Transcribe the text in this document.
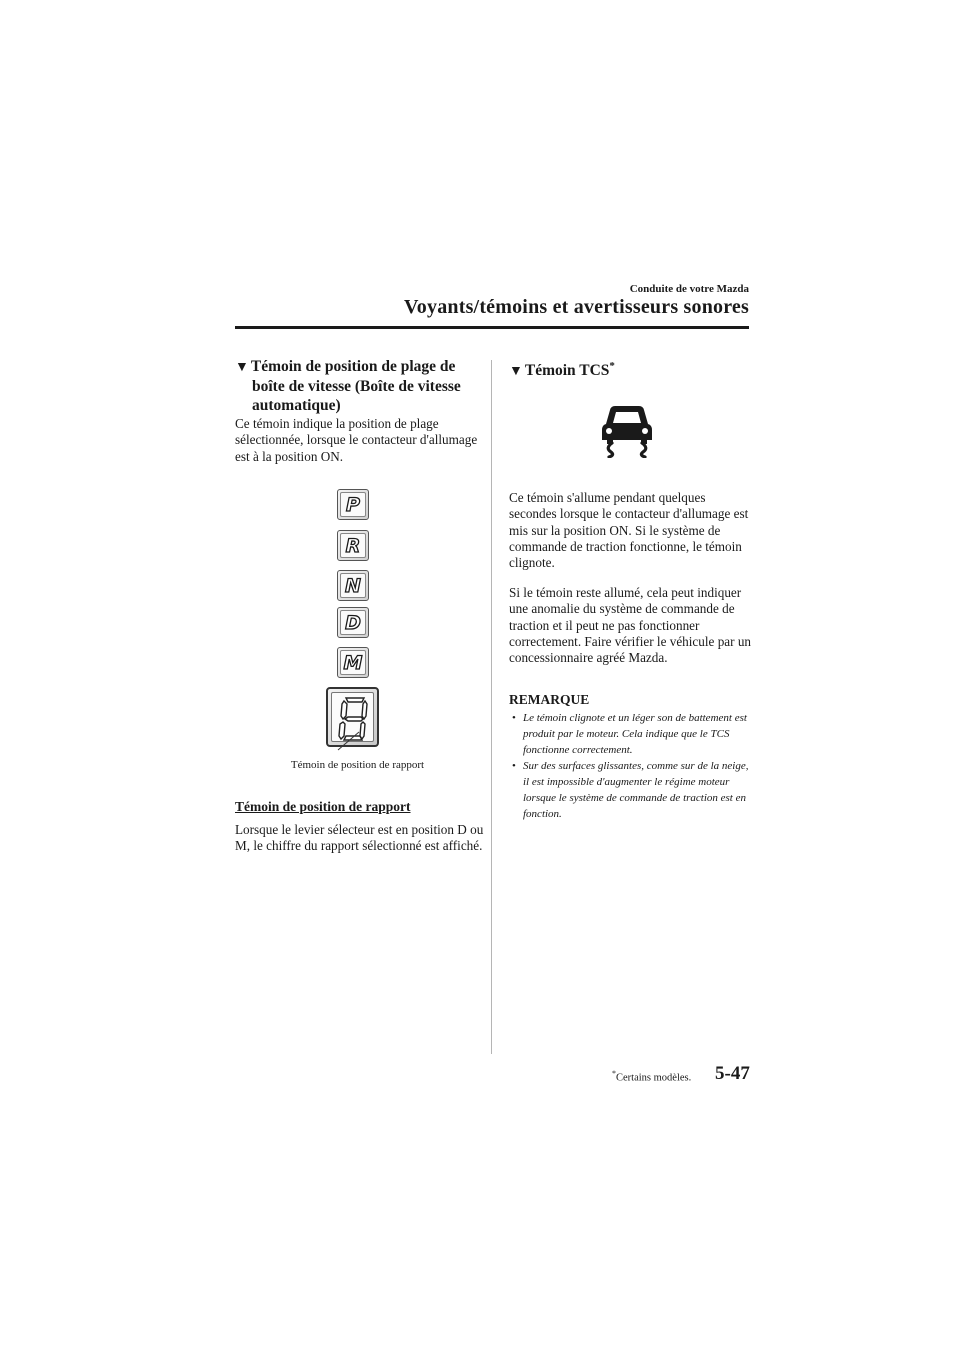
Conduite de votre Mazda
Voyants/témoins et avertisseurs sonores
▼ Témoin de position de plage de
boîte de vitesse (Boîte de vitesse
automatique)
Ce témoin indique la position de plage sélectionnée, lorsque le contacteur d'allumage est à la position ON.
P
R
N
D
M
Témoin de position de rapport
Témoin de position de rapport
Lorsque le levier sélecteur est en position D ou M, le chiffre du rapport sélectionné est affiché.
▼ Témoin TCS*
Ce témoin s'allume pendant quelques secondes lorsque le contacteur d'allumage est mis sur la position ON. Si le système de commande de traction fonctionne, le témoin clignote.
Si le témoin reste allumé, cela peut indiquer une anomalie du système de commande de traction et il peut ne pas fonctionner correctement. Faire vérifier le véhicule par un concessionnaire agréé Mazda.
REMARQUE
• Le témoin clignote et un léger son de battement est produit par le moteur. Cela indique que le TCS fonctionne correctement.
• Sur des surfaces glissantes, comme sur de la neige, il est impossible d'augmenter le régime moteur lorsque le système de commande de traction est en fonction.
*Certains modèles. 5-47
